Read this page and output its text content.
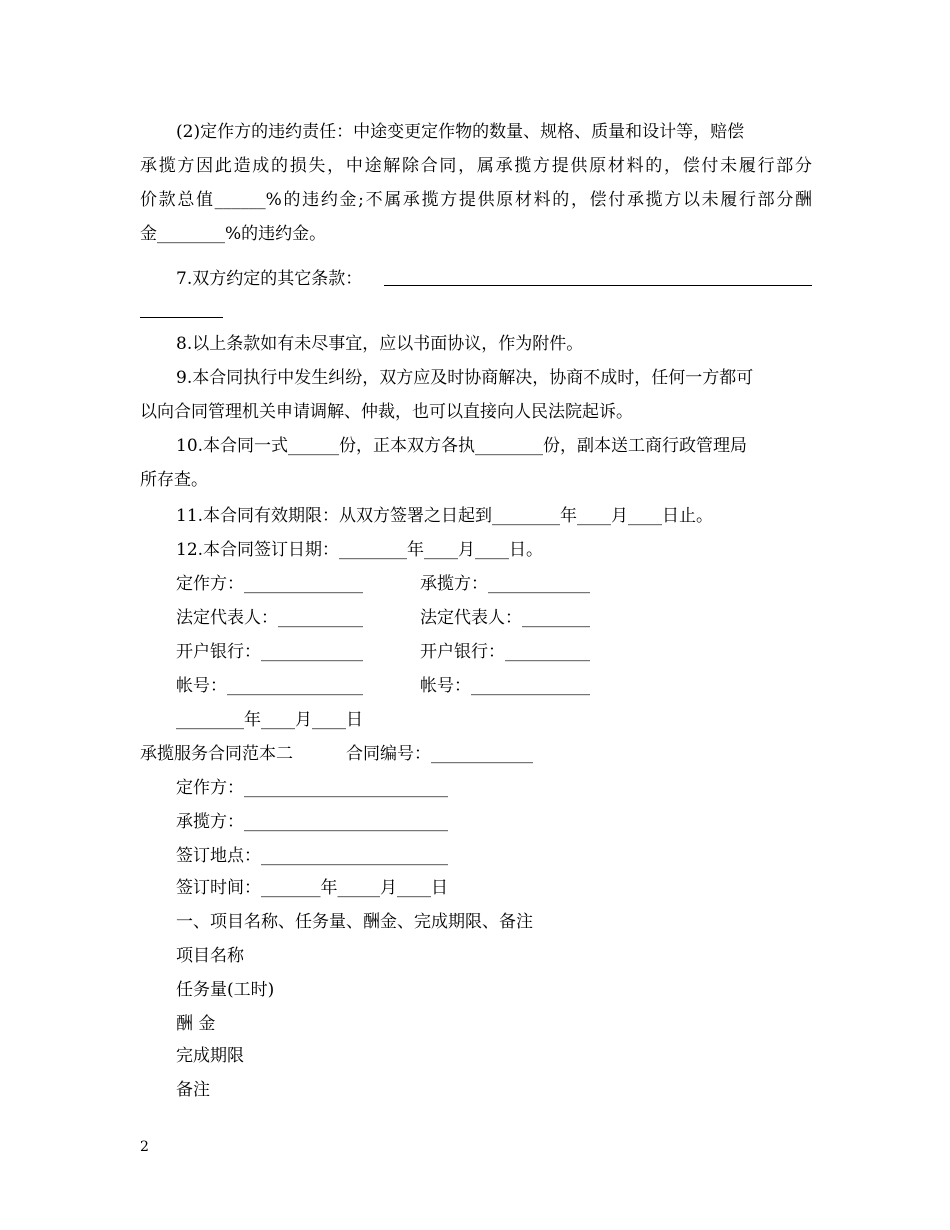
(2)定作方的违约责任：中途变更定作物的数量、规格、质量和设计等，赔偿
承揽方因此造成的损失，中途解除合同，属承揽方提供原材料的，偿付未履行部分
价款总值______%的违约金;不属承揽方提供原材料的，偿付承揽方以未履行部分酬
金________%的违约金。
7.双方约定的其它条款：
8.以上条款如有未尽事宜，应以书面协议，作为附件。
9.本合同执行中发生纠纷，双方应及时协商解决，协商不成时，任何一方都可
以向合同管理机关申请调解、仲裁，也可以直接向人民法院起诉。
10.本合同一式______份，正本双方各执________份，副本送工商行政管理局
所存查。
11.本合同有效期限：从双方签署之日起到________年____月____日止。
12.本合同签订日期：________年____月____日。
定作方：______________	承揽方：____________
法定代表人：__________	法定代表人：________
开户银行：____________	开户银行：__________
帐号：________________	帐号：______________
________年____月____日
承揽服务合同范本二	合同编号：____________
定作方：________________________
承揽方：________________________
签订地点：______________________
签订时间：_______年_____月____日
一、项目名称、任务量、酬金、完成期限、备注
项目名称
任务量(工时)
酬 金
完成期限
备注
2
